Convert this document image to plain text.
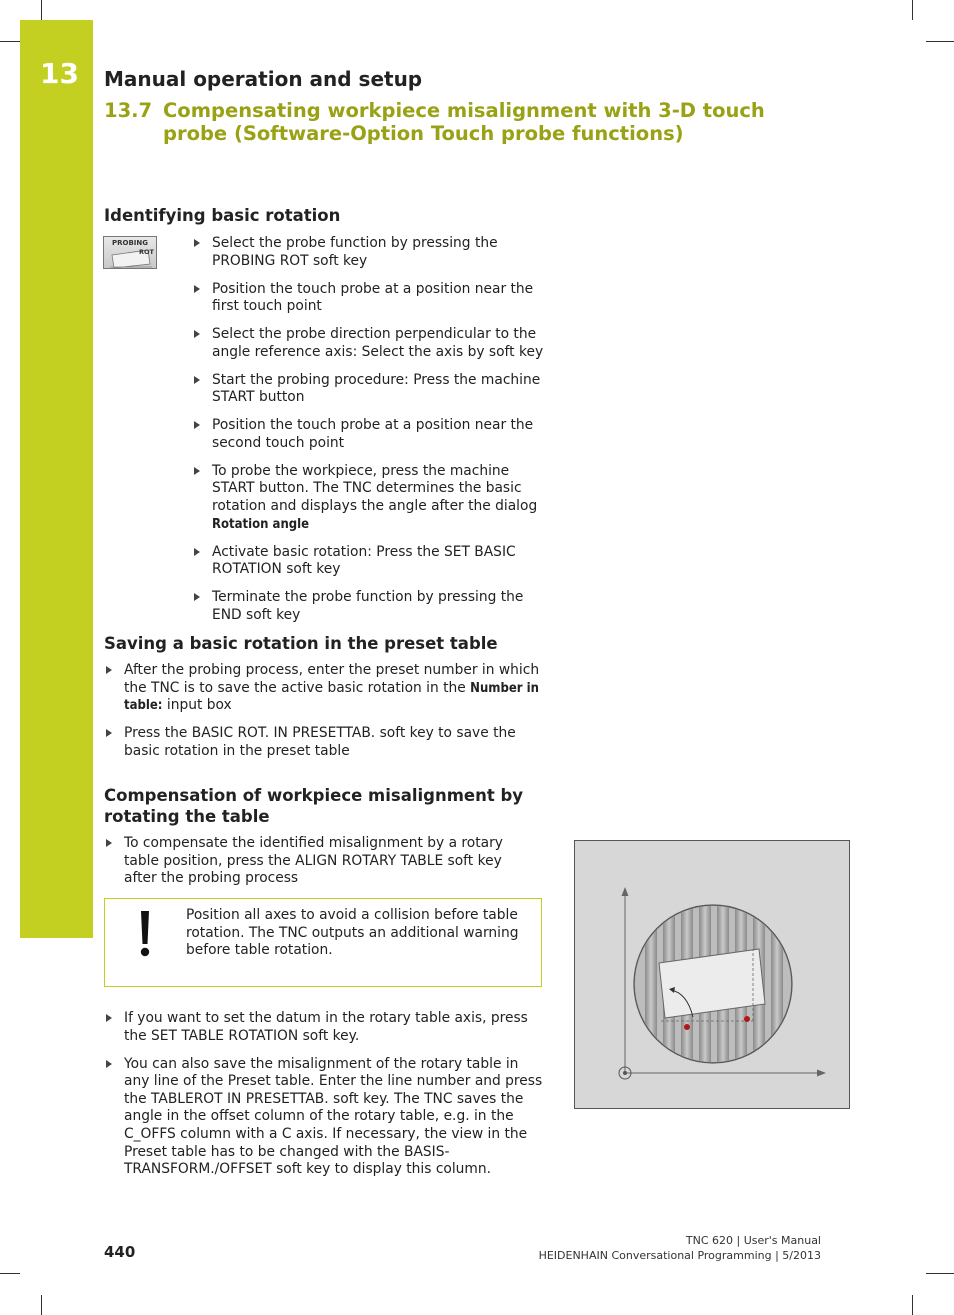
13 Manual operation and setup
13.7 Compensating workpiece misalignment with 3-D touch probe (Software-Option Touch probe functions)
Identifying basic rotation
PROBING
ROT
Select the probe function by pressing the PROBING ROT soft key
Position the touch probe at a position near the first touch point
Select the probe direction perpendicular to the angle reference axis: Select the axis by soft key
Start the probing procedure: Press the machine START button
Position the touch probe at a position near the second touch point
To probe the workpiece, press the machine START button. The TNC determines the basic rotation and displays the angle after the dialog Rotation angle
Activate basic rotation: Press the SET BASIC ROTATION soft key
Terminate the probe function by pressing the END soft key
Saving a basic rotation in the preset table
After the probing process, enter the preset number in which the TNC is to save the active basic rotation in the Number in table: input box
Press the BASIC ROT. IN PRESETTAB. soft key to save the basic rotation in the preset table
Compensation of workpiece misalignment by rotating the table
To compensate the identified misalignment by a rotary table position, press the ALIGN ROTARY TABLE soft key after the probing process
Position all axes to avoid a collision before table rotation. The TNC outputs an additional warning before table rotation.
If you want to set the datum in the rotary table axis, press the SET TABLE ROTATION soft key.
You can also save the misalignment of the rotary table in any line of the Preset table. Enter the line number and press the TABLEROT IN PRESETTAB. soft key. The TNC saves the angle in the offset column of the rotary table, e.g. in the C_OFFS column with a C axis. If necessary, the view in the Preset table has to be changed with the BASIS-TRANSFORM./OFFSET soft key to display this column.
440
TNC 620 | User's Manual
HEIDENHAIN Conversational Programming | 5/2013
